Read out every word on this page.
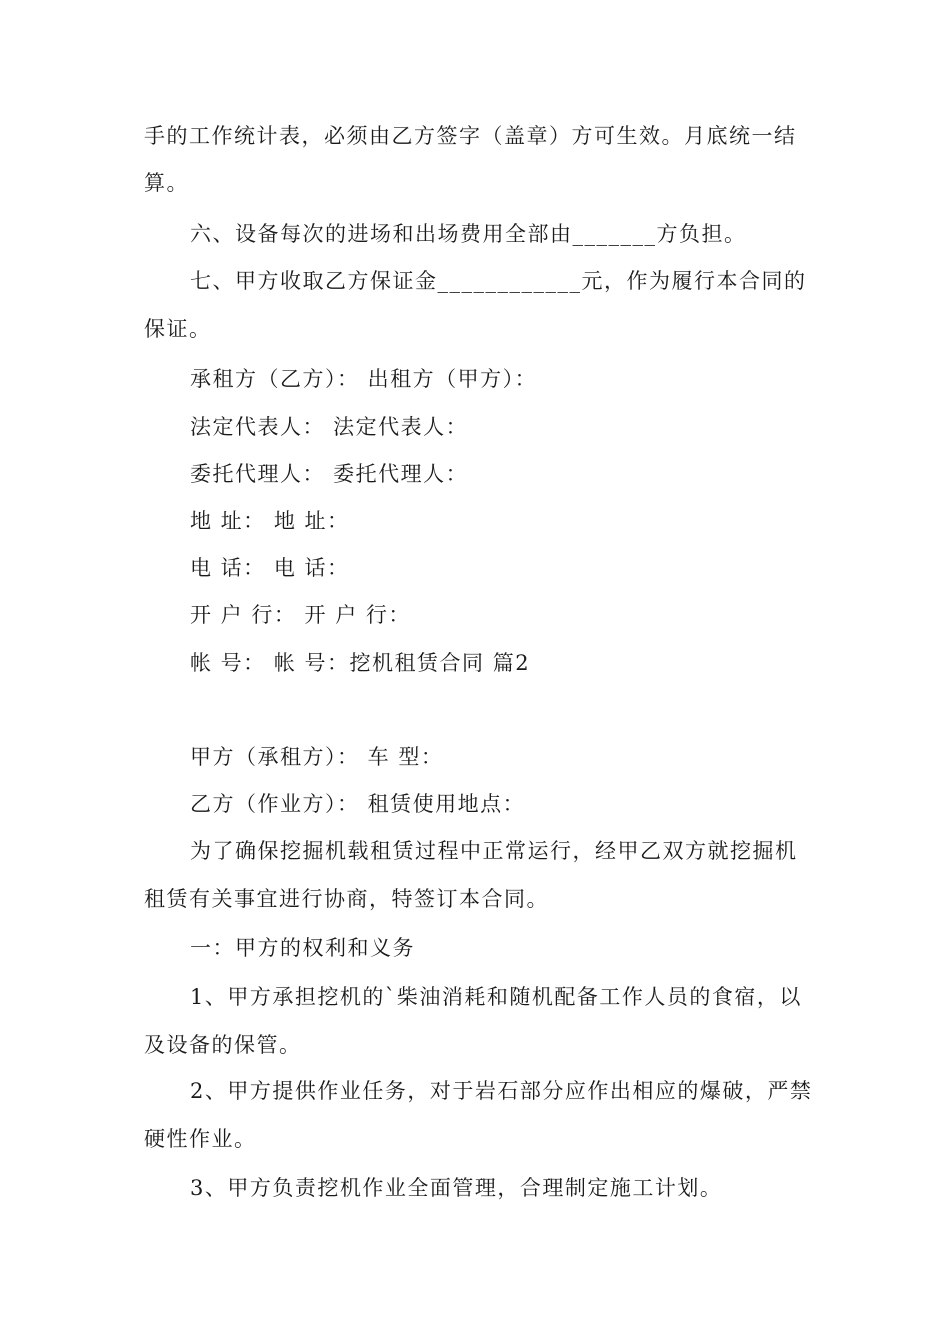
手的工作统计表，必须由乙方签字（盖章）方可生效。月底统一结
算。
六、设备每次的进场和出场费用全部由_______方负担。
七、甲方收取乙方保证金____________元，作为履行本合同的
保证。
承租方（乙方）： 出租方（甲方）：
法定代表人： 法定代表人：
委托代理人： 委托代理人：
地 址： 地 址：
电 话： 电 话：
开 户 行： 开 户 行：
帐 号： 帐 号：挖机租赁合同 篇2
甲方（承租方）： 车 型：
乙方（作业方）： 租赁使用地点：
为了确保挖掘机载租赁过程中正常运行，经甲乙双方就挖掘机
租赁有关事宜进行协商，特签订本合同。
一：甲方的权利和义务
1、甲方承担挖机的`柴油消耗和随机配备工作人员的食宿，以
及设备的保管。
2、甲方提供作业任务，对于岩石部分应作出相应的爆破，严禁
硬性作业。
3、甲方负责挖机作业全面管理，合理制定施工计划。
